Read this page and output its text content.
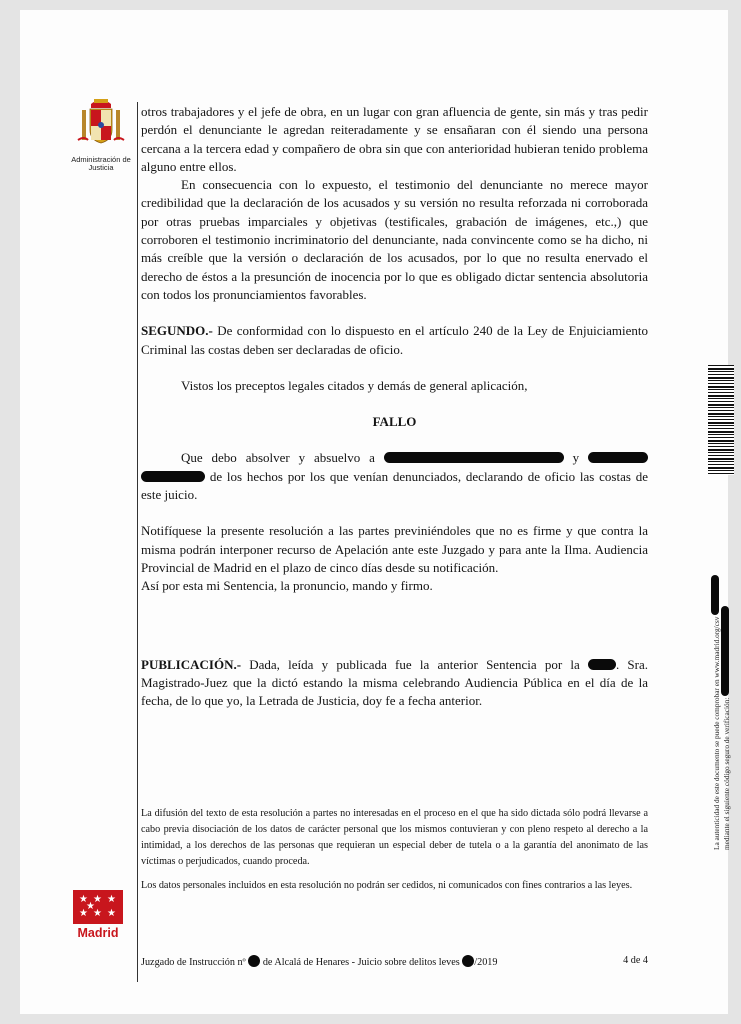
Administración de Justicia
★ ★ ★
★ ★ ★
★
Madrid
La autenticidad de este documento se puede comprobar en www.madrid.org/csv mediante el siguiente código seguro de verificación:

otros trabajadores y el jefe de obra, en un lugar con gran afluencia de gente, sin más y tras pedir perdón el denunciante le agredan reiteradamente y se ensañaran con él siendo una persona cercana a la tercera edad y compañero de obra sin que con anterioridad hubieran tenido problema alguno entre ellos.

En consecuencia con lo expuesto, el testimonio del denunciante no merece mayor credibilidad que la declaración de los acusados y su versión no resulta reforzada ni corroborada por otras pruebas imparciales y objetivas (testificales, grabación de imágenes, etc.,) que corroboren el testimonio incriminatorio del denunciante, nada convincente como se ha dicho, ni más creíble que la versión o declaración de los acusados, por lo que no resulta enervado el derecho de éstos a la presunción de inocencia por lo que es obligado dictar sentencia absolutoria con todos los pronunciamientos favorables.

SEGUNDO.- De conformidad con lo dispuesto en el artículo 240 de la Ley de Enjuiciamiento Criminal las costas deben ser declaradas de oficio.

Vistos los preceptos legales citados y demás de general aplicación,

FALLO

Que debo absolver y absuelvo a	y   de los hechos por los que venían denunciados, declarando de oficio las costas de este juicio.

Notifíquese la presente resolución a las partes previniéndoles que no es firme y que contra la misma podrán interponer recurso de Apelación ante este Juzgado y para ante la Ilma. Audiencia Provincial de Madrid en el plazo de cinco días desde su notificación.

Así por esta mi Sentencia, la pronuncio, mando y firmo.

PUBLICACIÓN.- Dada, leída y publicada fue la anterior Sentencia por la	. Sra. Magistrado-Juez que la dictó estando la misma celebrando Audiencia Pública en el día de la fecha, de lo que yo, la Letrada de Justicia, doy fe a fecha anterior.

La difusión del texto de esta resolución a partes no interesadas en el proceso en el que ha sido dictada sólo podrá llevarse a cabo previa disociación de los datos de carácter personal que los mismos contuvieran y con pleno respeto al derecho a la intimidad, a los derechos de las personas que requieran un especial deber de tutela o a la garantía del anonimato de las víctimas o perjudicados, cuando proceda.

Los datos personales incluidos en esta resolución no podrán ser cedidos, ni comunicados con fines contrarios a las leyes.

Juzgado de Instrucción nº de Alcalá de Henares - Juicio sobre delitos leves /2019	4 de 4
